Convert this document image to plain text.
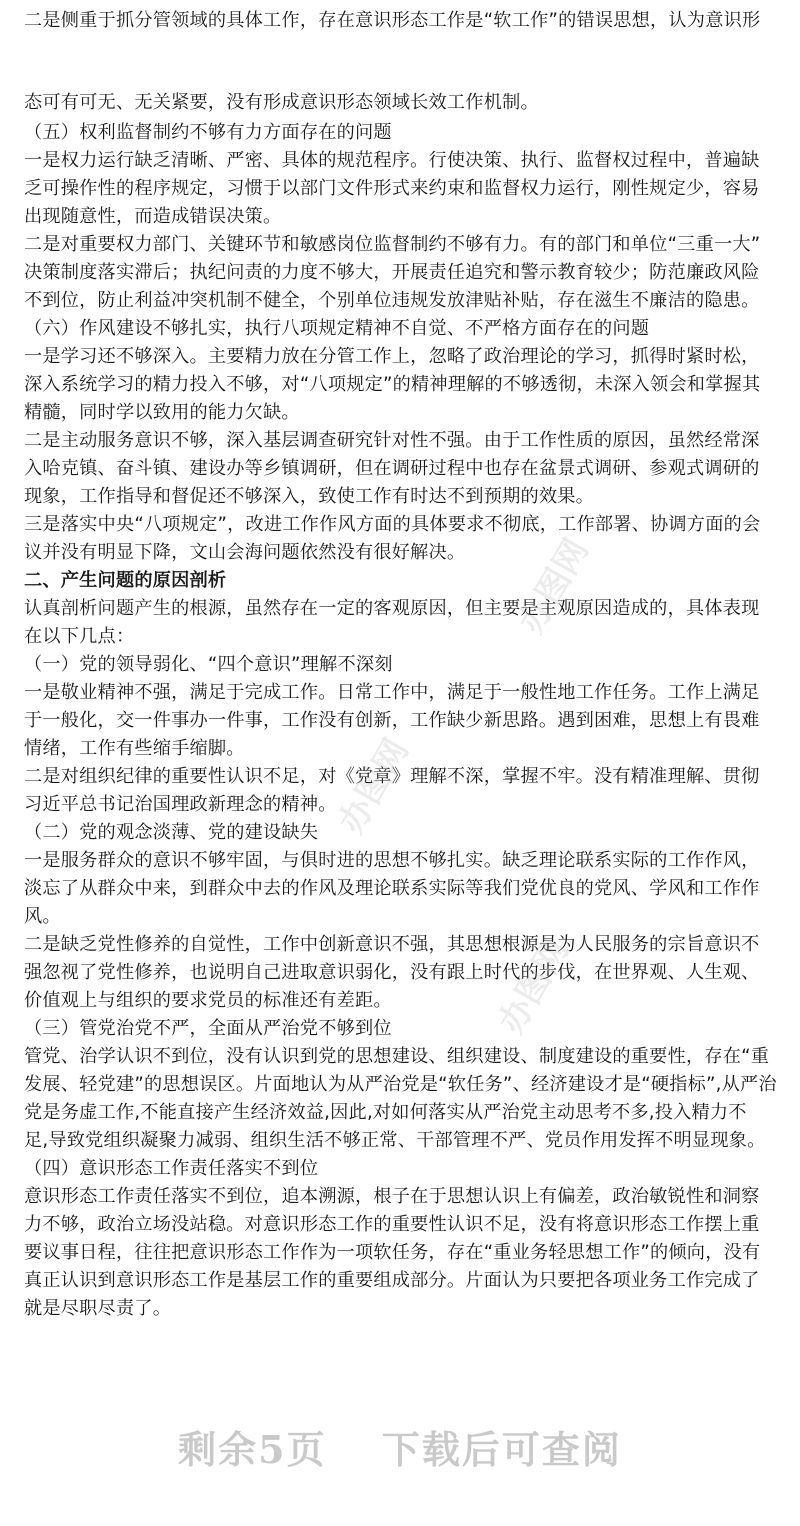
二是侧重于抓分管领域的具体工作，存在意识形态工作是“软工作”的错误思想，认为意识形
态可有可无、无关紧要，没有形成意识形态领域长效工作机制。
（五）权利监督制约不够有力方面存在的问题
一是权力运行缺乏清晰、严密、具体的规范程序。行使决策、执行、监督权过程中，普遍缺
乏可操作性的程序规定，习惯于以部门文件形式来约束和监督权力运行，刚性规定少，容易
出现随意性，而造成错误决策。
二是对重要权力部门、关键环节和敏感岗位监督制约不够有力。有的部门和单位“三重一大”
决策制度落实滞后；执纪问责的力度不够大，开展责任追究和警示教育较少；防范廉政风险
不到位，防止利益冲突机制不健全，个别单位违规发放津贴补贴，存在滋生不廉洁的隐患。
（六）作风建设不够扎实，执行八项规定精神不自觉、不严格方面存在的问题
一是学习还不够深入。主要精力放在分管工作上，忽略了政治理论的学习，抓得时紧时松，
深入系统学习的精力投入不够，对“八项规定”的精神理解的不够透彻，未深入领会和掌握其
精髓，同时学以致用的能力欠缺。
二是主动服务意识不够，深入基层调查研究针对性不强。由于工作性质的原因，虽然经常深
入哈克镇、奋斗镇、建设办等乡镇调研，但在调研过程中也存在盆景式调研、参观式调研的
现象，工作指导和督促还不够深入，致使工作有时达不到预期的效果。
三是落实中央“八项规定”，改进工作作风方面的具体要求不彻底，工作部署、协调方面的会
议并没有明显下降，文山会海问题依然没有很好解决。
二、产生问题的原因剖析
认真剖析问题产生的根源，虽然存在一定的客观原因，但主要是主观原因造成的，具体表现
在以下几点：
（一）党的领导弱化、“四个意识”理解不深刻
一是敬业精神不强，满足于完成工作。日常工作中，满足于一般性地工作任务。工作上满足
于一般化，交一件事办一件事，工作没有创新，工作缺少新思路。遇到困难，思想上有畏难
情绪，工作有些缩手缩脚。
二是对组织纪律的重要性认识不足，对《党章》理解不深，掌握不牢。没有精准理解、贯彻
习近平总书记治国理政新理念的精神。
（二）党的观念淡薄、党的建设缺失
一是服务群众的意识不够牢固，与俱时进的思想不够扎实。缺乏理论联系实际的工作作风，
淡忘了从群众中来，到群众中去的作风及理论联系实际等我们党优良的党风、学风和工作作
风。
二是缺乏党性修养的自觉性，工作中创新意识不强，其思想根源是为人民服务的宗旨意识不
强忽视了党性修养，也说明自己进取意识弱化，没有跟上时代的步伐，在世界观、人生观、
价值观上与组织的要求党员的标准还有差距。
（三）管党治党不严，全面从严治党不够到位
管党、治学认识不到位，没有认识到党的思想建设、组织建设、制度建设的重要性，存在“重
发展、轻党建”的思想误区。片面地认为从严治党是“软任务”、经济建设才是“硬指标”,从严治
党是务虚工作,不能直接产生经济效益,因此,对如何落实从严治党主动思考不多,投入精力不
足,导致党组织凝聚力减弱、组织生活不够正常、干部管理不严、党员作用发挥不明显现象。
（四）意识形态工作责任落实不到位
意识形态工作责任落实不到位，追本溯源，根子在于思想认识上有偏差，政治敏锐性和洞察
力不够，政治立场没站稳。对意识形态工作的重要性认识不足，没有将意识形态工作摆上重
要议事日程，往往把意识形态工作作为一项软任务，存在“重业务轻思想工作”的倾向，没有
真正认识到意识形态工作是基层工作的重要组成部分。片面认为只要把各项业务工作完成了
就是尽职尽责了。
办图网
办图网
办图网
剩余5页 下载后可查阅
